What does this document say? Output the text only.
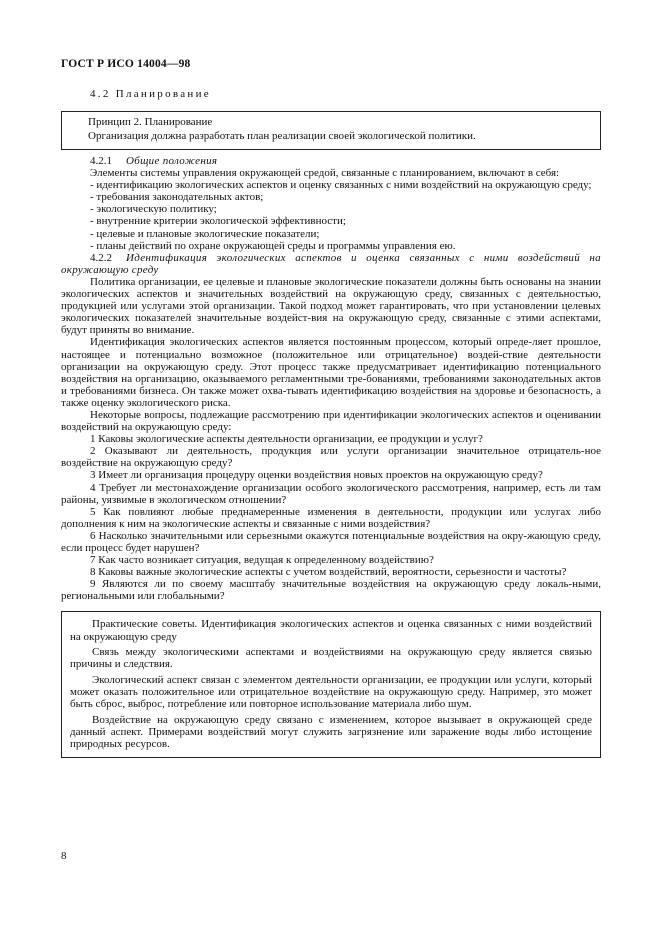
ГОСТ Р ИСО 14004—98
4.2 Планирование
Принцип 2. Планирование
Организация должна разработать план реализации своей экологической политики.

4.2.1 Общие положения

Элементы системы управления окружающей средой, связанные с планированием, включают в себя:

- идентификацию экологических аспектов и оценку связанных с ними воздействий на окружающую среду;
- требования законодательных актов;
- экологическую политику;
- внутренние критерии экологической эффективности;
- целевые и плановые экологические показатели;
- планы действий по охране окружающей среды и программы управления ею.

4.2.2 Идентификация экологических аспектов и оценка связанных с ними воздействий на окружающую среду

Политика организации, ее целевые и плановые экологические показатели должны быть основаны на знании экологических аспектов и значительных воздействий на окружающую среду, связанных с деятельностью, продукцией или услугами этой организации. Такой подход может гарантировать, что при установлении целевых экологических показателей значительные воздейст-вия на окружающую среду, связанные с этими аспектами, будут приняты во внимание.

Идентификация экологических аспектов является постоянным процессом, который опреде-ляет прошлое, настоящее и потенциально возможное (положительное или отрицательное) воздей-ствие деятельности организации на окружающую среду. Этот процесс также предусматривает идентификацию потенциального воздействия на организацию, оказываемого регламентными тре-бованиями, требованиями законодательных актов и требованиями бизнеса. Он также может охва-тывать идентификацию воздействия на здоровье и безопасность, а также оценку экологического риска.

Некоторые вопросы, подлежащие рассмотрению при идентификации экологических аспектов и оценивании воздействий на окружающую среду:

1 Каковы экологические аспекты деятельности организации, ее продукции и услуг?

2 Оказывают ли деятельность, продукция или услуги организации значительное отрицатель-ное воздействие на окружающую среду?

3 Имеет ли организация процедуру оценки воздействия новых проектов на окружающую среду?

4 Требует ли местонахождение организации особого экологического рассмотрения, например, есть ли там районы, уязвимые в экологическом отношении?

5 Как повлияют любые преднамеренные изменения в деятельности, продукции или услугах либо дополнения к ним на экологические аспекты и связанные с ними воздействия?

6 Насколько значительными или серьезными окажутся потенциальные воздействия на окру-жающую среду, если процесс будет нарушен?

7 Как часто возникает ситуация, ведущая к определенному воздействию?

8 Каковы важные экологические аспекты с учетом воздействий, вероятности, серьезности и частоты?

9 Являются ли по своему масштабу значительные воздействия на окружающую среду локаль-ными, региональными или глобальными?

Практические советы. Идентификация экологических аспектов и оценка связанных с ними воздействий на окружающую среду

Связь между экологическими аспектами и воздействиями на окружающую среду является связью причины и следствия.

Экологический аспект связан с элементом деятельности организации, ее продукции или услуги, который может оказать положительное или отрицательное воздействие на окружающую среду. Например, это может быть сброс, выброс, потребление или повторное использование материала либо шум.

Воздействие на окружающую среду связано с изменением, которое вызывает в окружающей среде данный аспект. Примерами воздействий могут служить загрязнение или заражение воды либо истощение природных ресурсов.

8
